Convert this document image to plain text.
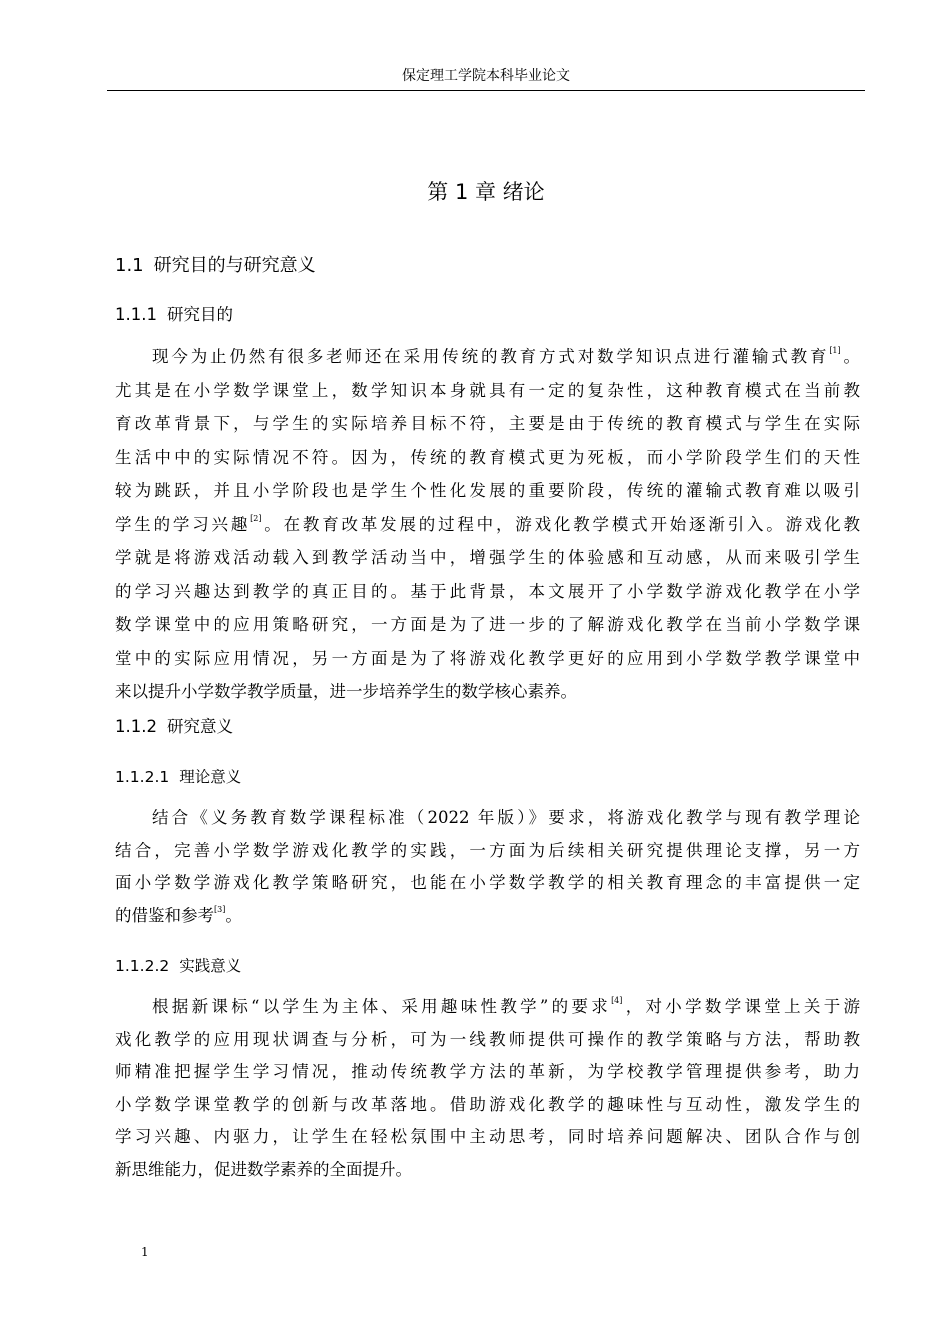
保定理工学院本科毕业论文
第 1 章 绪论
1.1 研究目的与研究意义
1.1.1 研究目的
现今为止仍然有很多老师还在采用传统的教育方式对数学知识点进行灌输式教育[1]。
尤其是在小学数学课堂上，数学知识本身就具有一定的复杂性，这种教育模式在当前教
育改革背景下，与学生的实际培养目标不符，主要是由于传统的教育模式与学生在实际
生活中中的实际情况不符。因为，传统的教育模式更为死板，而小学阶段学生们的天性
较为跳跃，并且小学阶段也是学生个性化发展的重要阶段，传统的灌输式教育难以吸引
学生的学习兴趣[2]。在教育改革发展的过程中，游戏化教学模式开始逐渐引入。游戏化教
学就是将游戏活动载入到教学活动当中，增强学生的体验感和互动感，从而来吸引学生
的学习兴趣达到教学的真正目的。基于此背景，本文展开了小学数学游戏化教学在小学
数学课堂中的应用策略研究，一方面是为了进一步的了解游戏化教学在当前小学数学课
堂中的实际应用情况，另一方面是为了将游戏化教学更好的应用到小学数学教学课堂中
来以提升小学数学教学质量，进一步培养学生的数学核心素养。
1.1.2 研究意义
1.1.2.1 理论意义
结合《义务教育数学课程标准（2022 年版）》要求，将游戏化教学与现有教学理论
结合，完善小学数学游戏化教学的实践，一方面为后续相关研究提供理论支撑，另一方
面小学数学游戏化教学策略研究，也能在小学数学教学的相关教育理念的丰富提供一定
的借鉴和参考[3]。
1.1.2.2 实践意义
根据新课标“以学生为主体、采用趣味性教学”的要求[4]，对小学数学课堂上关于游
戏化教学的应用现状调查与分析，可为一线教师提供可操作的教学策略与方法，帮助教
师精准把握学生学习情况，推动传统教学方法的革新，为学校教学管理提供参考，助力
小学数学课堂教学的创新与改革落地。借助游戏化教学的趣味性与互动性，激发学生的
学习兴趣、内驱力，让学生在轻松氛围中主动思考，同时培养问题解决、团队合作与创
新思维能力，促进数学素养的全面提升。
1
